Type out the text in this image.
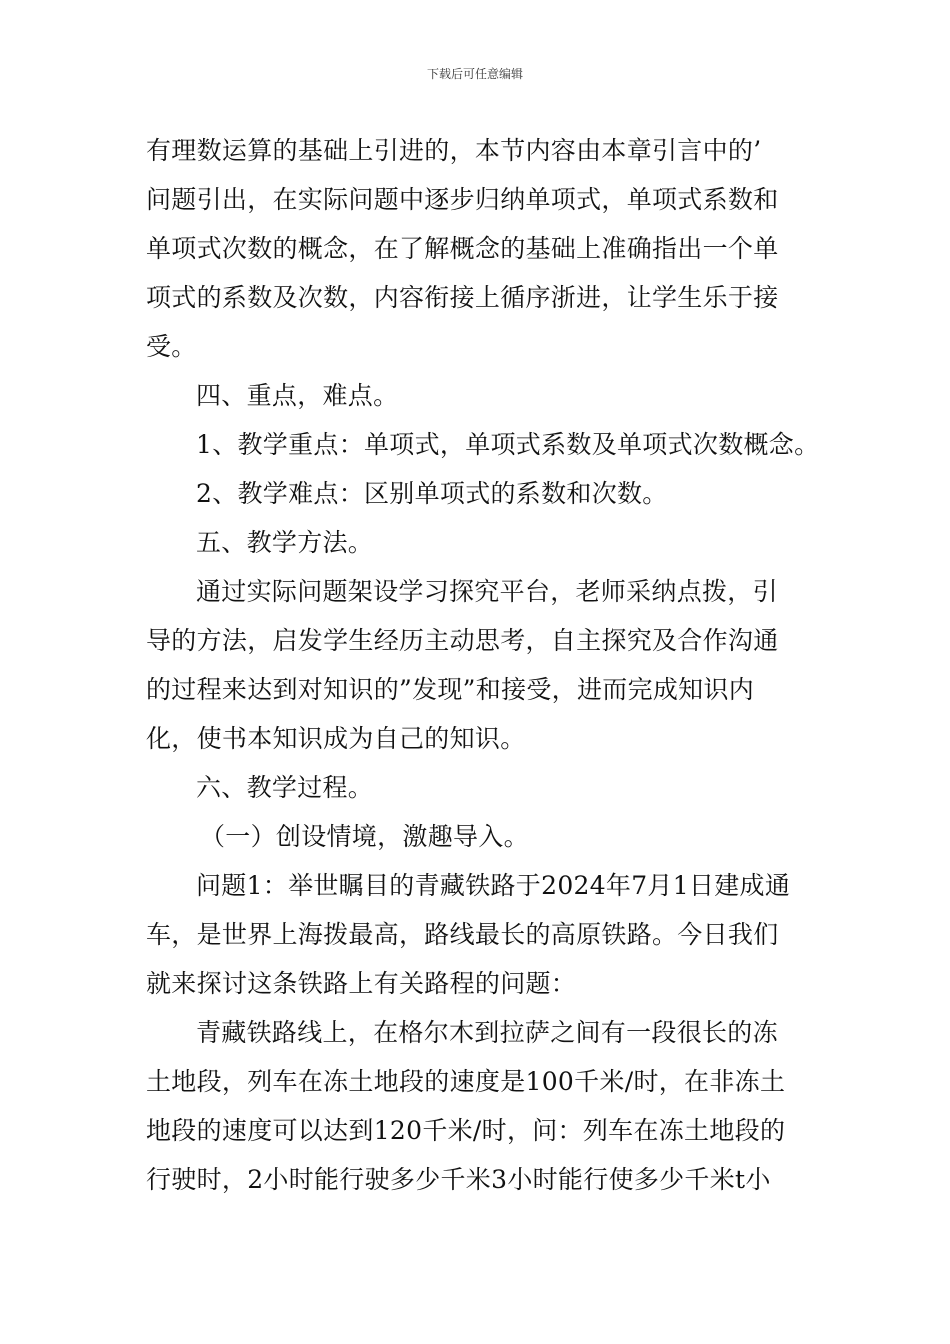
下载后可任意编辑
有理数运算的基础上引进的，本节内容由本章引言中的’
问题引出，在实际问题中逐步归纳单项式，单项式系数和
单项式次数的概念，在了解概念的基础上准确指出一个单
项式的系数及次数，内容衔接上循序浙进，让学生乐于接
受。
四、重点，难点。
1、教学重点：单项式，单项式系数及单项式次数概念。
2、教学难点：区别单项式的系数和次数。
五、教学方法。
通过实际问题架设学习探究平台，老师采纳点拨，引
导的方法，启发学生经历主动思考，自主探究及合作沟通
的过程来达到对知识的”发现”和接受，进而完成知识内
化，使书本知识成为自己的知识。
六、教学过程。
（一）创设情境，激趣导入。
问题1：举世瞩目的青藏铁路于2024年7月1日建成通
车，是世界上海拨最高，路线最长的高原铁路。今日我们
就来探讨这条铁路上有关路程的问题：
青藏铁路线上，在格尔木到拉萨之间有一段很长的冻
土地段，列车在冻土地段的速度是100千米/时，在非冻土
地段的速度可以达到120千米/时，问：列车在冻土地段的
行驶时，2小时能行驶多少千米3小时能行使多少千米t小
